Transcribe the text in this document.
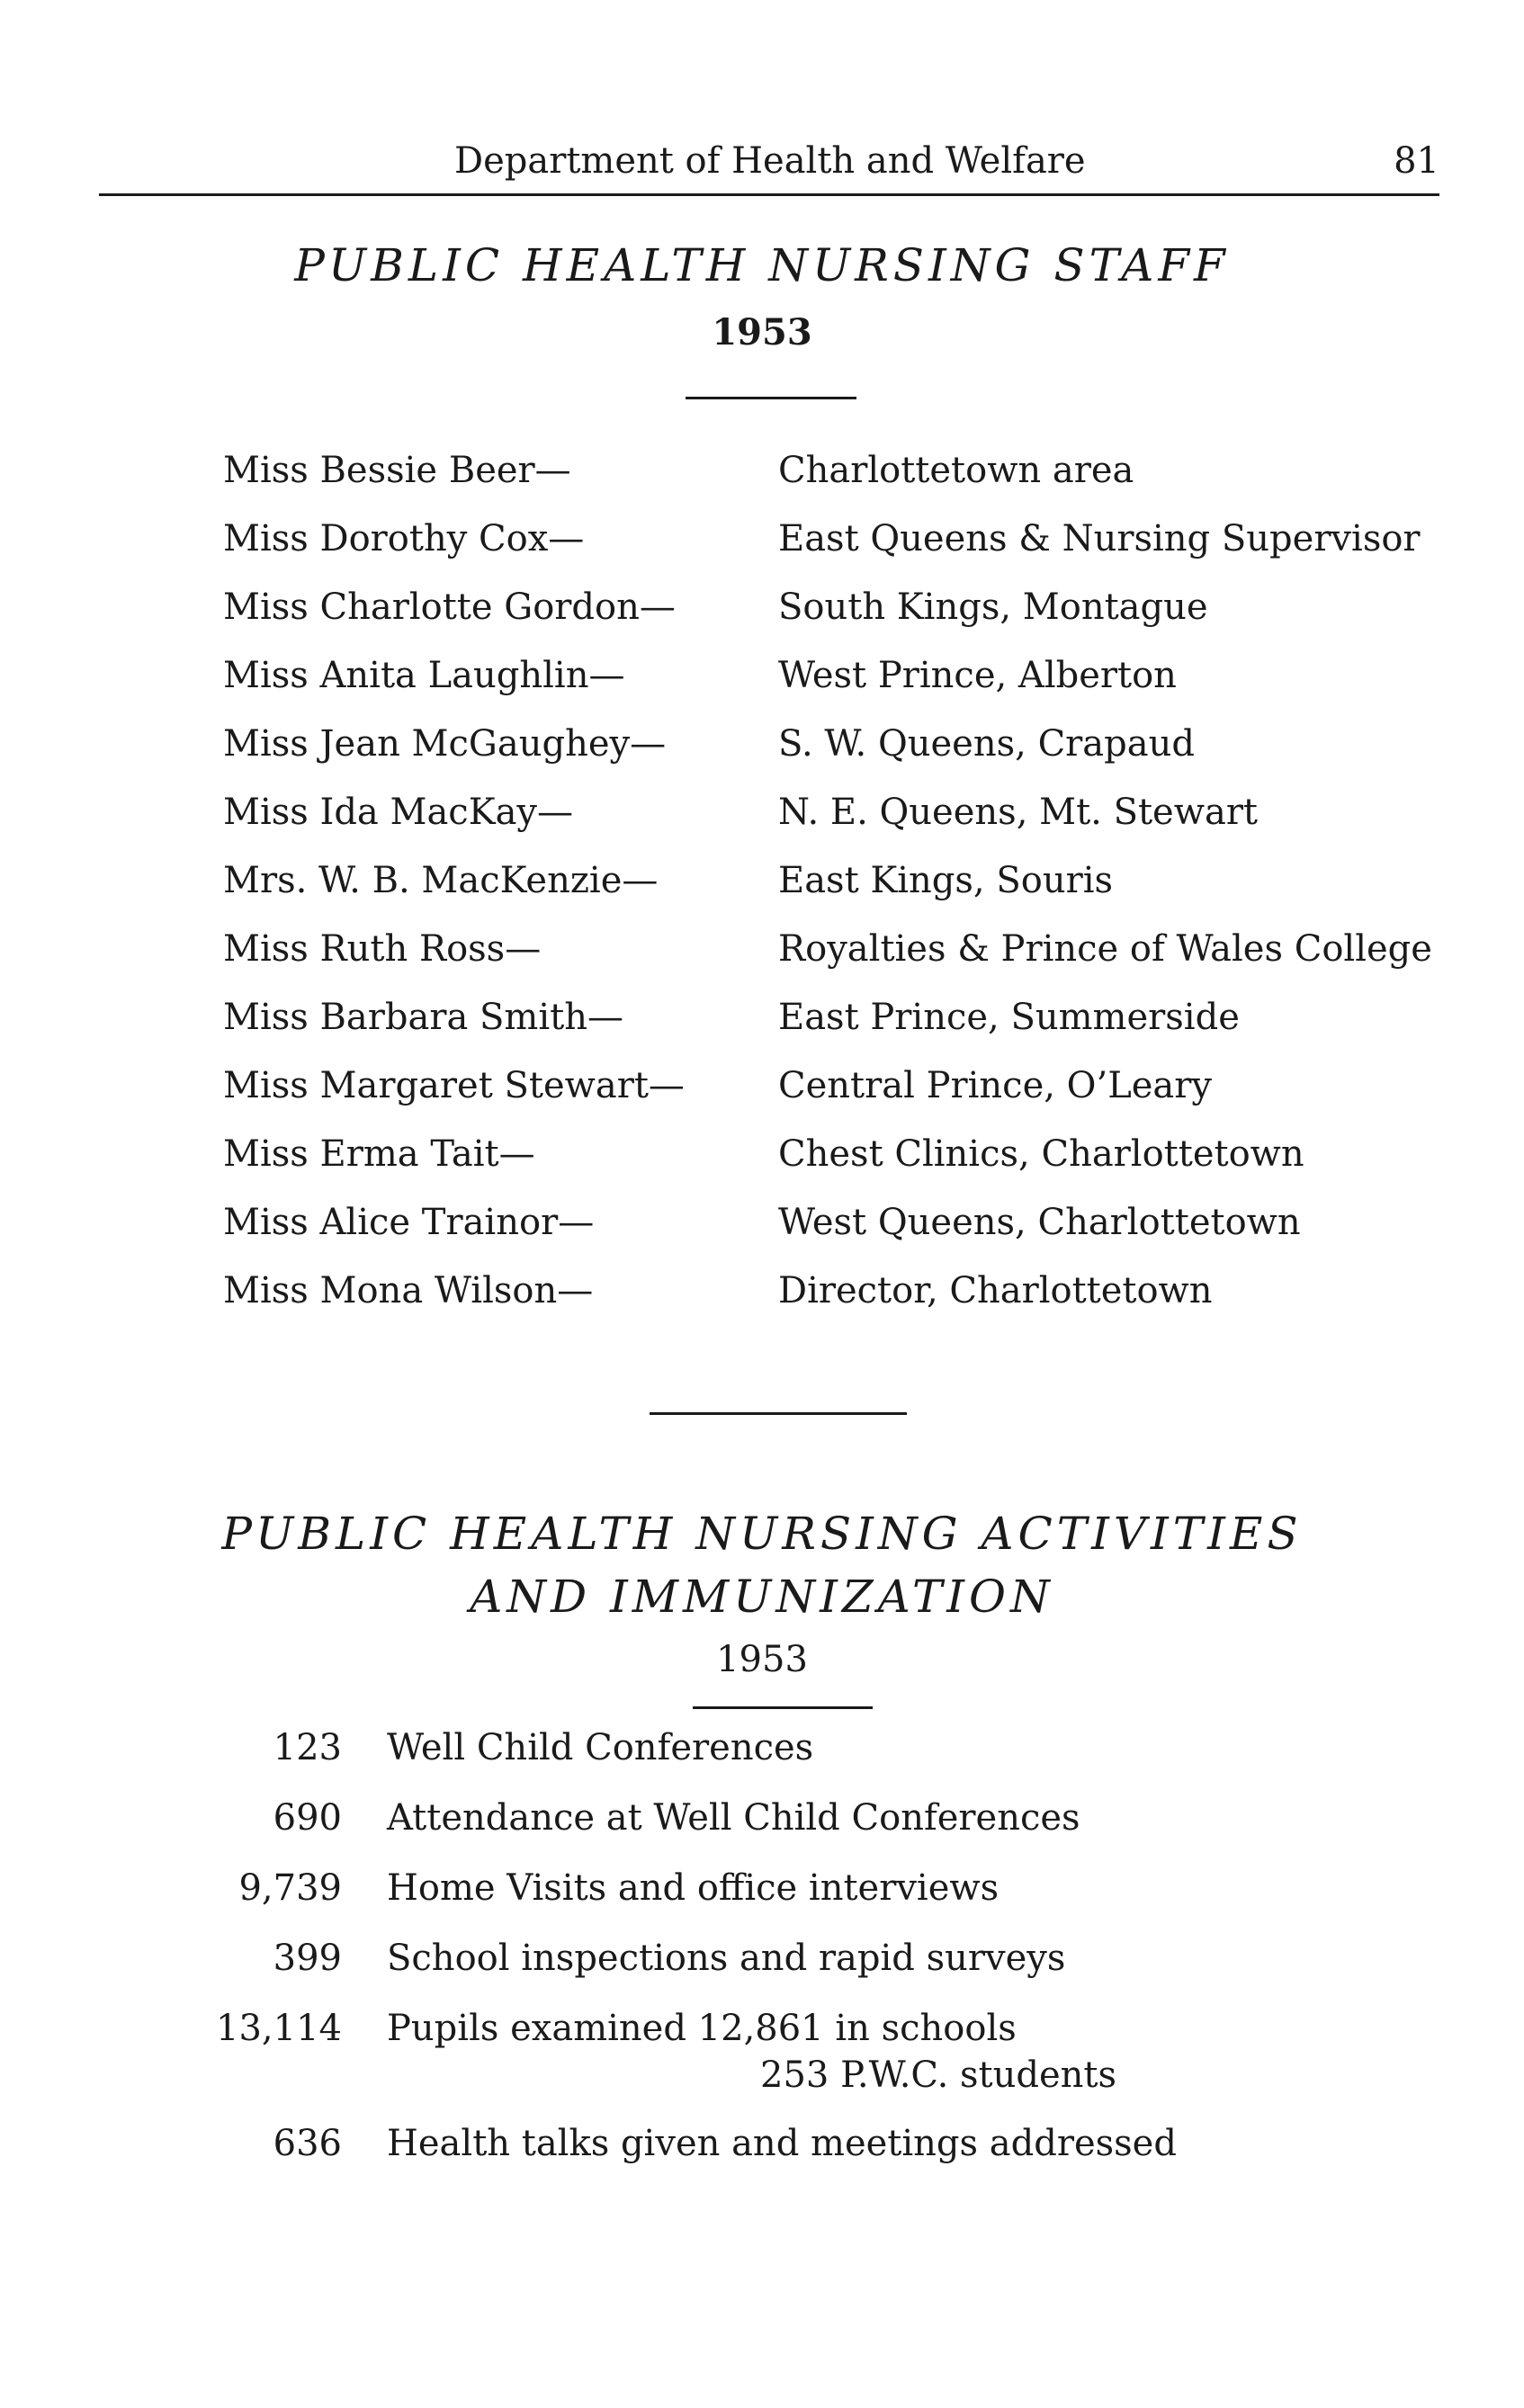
Department of Health and Welfare	81
PUBLIC HEALTH NURSING STAFF
1953
Miss Bessie Beer—	Charlottetown area
Miss Dorothy Cox—	East Queens & Nursing Supervisor
Miss Charlotte Gordon—	South Kings, Montague
Miss Anita Laughlin—	West Prince, Alberton
Miss Jean McGaughey—	S. W. Queens, Crapaud
Miss Ida MacKay—	N. E. Queens, Mt. Stewart
Mrs. W. B. MacKenzie—	East Kings, Souris
Miss Ruth Ross—	Royalties & Prince of Wales College
Miss Barbara Smith—	East Prince, Summerside
Miss Margaret Stewart—	Central Prince, O’Leary
Miss Erma Tait—	Chest Clinics, Charlottetown
Miss Alice Trainor—	West Queens, Charlottetown
Miss Mona Wilson—	Director, Charlottetown
PUBLIC HEALTH NURSING ACTIVITIES
AND IMMUNIZATION
1953
123 Well Child Conferences
690 Attendance at Well Child Conferences
9,739 Home Visits and office interviews
399 School inspections and rapid surveys
13,114 Pupils examined 12,861 in schools
253 P.W.C. students
636 Health talks given and meetings addressed
